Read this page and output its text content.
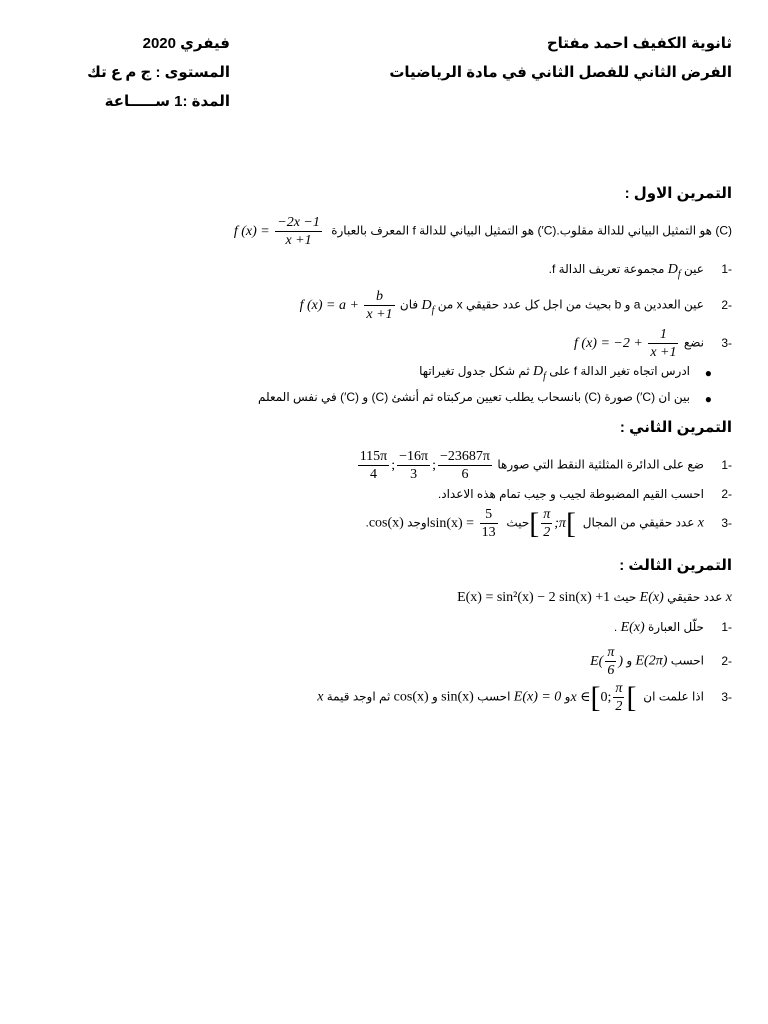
ثانوية الكفيف احمد مفتاح
الفرض الثاني للفصل الثاني في مادة الرياضيات
فيفري 2020
المستوى : ج م ع تك
المدة :1 ســـــاعة
التمرين الاول :
(C) هو التمثيل البياني للدالة مقلوب.(C′) هو التمثيل البياني للدالة f المعرف بالعبارة f $(x) = \frac{-2x -1}{x +1}$
-1 عين $D_f$ مجموعة تعريف الدالة f.
-2 عين العددين a و b بحيث من اجل كل عدد حقيقي x من $D_f$ فان f $(x) = a + \frac{b}{x +1}$
-3 نضع f $(x) = -2 + \frac{1}{x +1}$
●
ادرس اتجاه تغير الدالة f على $D_f$ ثم شكل جدول تغيراتها
●
بين ان (C′) صورة (C) بانسحاب يطلب تعيين مركبتاه ثم أنشئ (C) و (C′) في نفس المعلم
التمرين الثاني :
-1 ضع على الدائرة المثلثية النقط التي صورها
$\frac{115\pi}{4}$ ; $\frac{-16\pi}{3}$ ; $\frac{-23687\pi}{6}$
-2 احسب القيم المضبوطة لجيب و جيب تمام هذه الاعداد.
-3 x عدد حقيقي من المجال [ $\frac{\pi}{2}$ ;π[ حيث $\sin(x) = \frac{5}{13}$
اوجد cos(x).
التمرين الثالث :
x عدد حقيقي E(x) حيث E(x) = sin²(x) − 2 sin(x) +1
-1 حلّل العبارة E(x) .
-2 احسب E(2π) و $E( \frac{\pi}{6}$ )
-3 اذا علمت ان x ∈[0; $\frac{\pi}{2}$ [ و E(x) = 0 احسب sin(x) و cos(x) ثم اوجد قيمة x
